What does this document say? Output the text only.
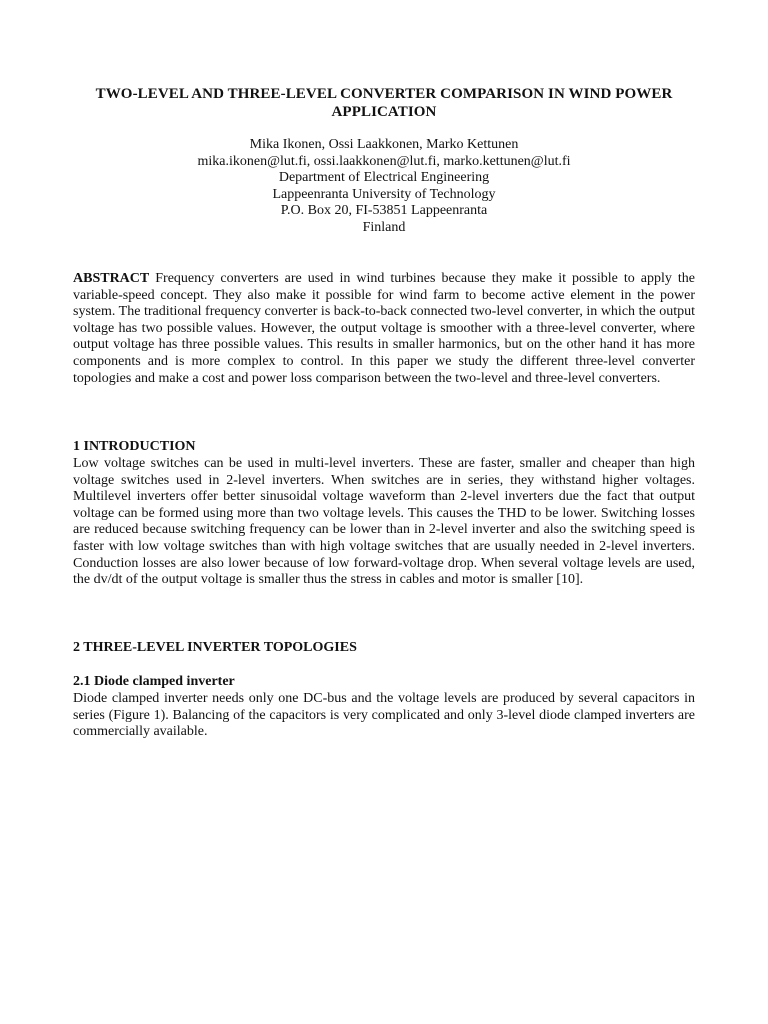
TWO-LEVEL AND THREE-LEVEL CONVERTER COMPARISON IN WIND POWER APPLICATION
Mika Ikonen, Ossi Laakkonen, Marko Kettunen
mika.ikonen@lut.fi, ossi.laakkonen@lut.fi, marko.kettunen@lut.fi
Department of Electrical Engineering
Lappeenranta University of Technology
P.O. Box 20, FI-53851 Lappeenranta
Finland
ABSTRACT Frequency converters are used in wind turbines because they make it possible to apply the variable-speed concept. They also make it possible for wind farm to become active element in the power system. The traditional frequency converter is back-to-back connected two-level converter, in which the output voltage has two possible values. However, the output voltage is smoother with a three-level converter, where output voltage has three possible values. This results in smaller harmonics, but on the other hand it has more components and is more complex to control. In this paper we study the different three-level converter topologies and make a cost and power loss comparison between the two-level and three-level converters.
1 INTRODUCTION
Low voltage switches can be used in multi-level inverters. These are faster, smaller and cheaper than high voltage switches used in 2-level inverters. When switches are in series, they withstand higher voltages. Multilevel inverters offer better sinusoidal voltage waveform than 2-level inverters due the fact that output voltage can be formed using more than two voltage levels. This causes the THD to be lower. Switching losses are reduced because switching frequency can be lower than in 2-level inverter and also the switching speed is faster with low voltage switches than with high voltage switches that are usually needed in 2-level inverters. Conduction losses are also lower because of low forward-voltage drop. When several voltage levels are used, the dv/dt of the output voltage is smaller thus the stress in cables and motor is smaller [10].
2 THREE-LEVEL INVERTER TOPOLOGIES
2.1 Diode clamped inverter
Diode clamped inverter needs only one DC-bus and the voltage levels are produced by several capacitors in series (Figure 1). Balancing of the capacitors is very complicated and only 3-level diode clamped inverters are commercially available.
